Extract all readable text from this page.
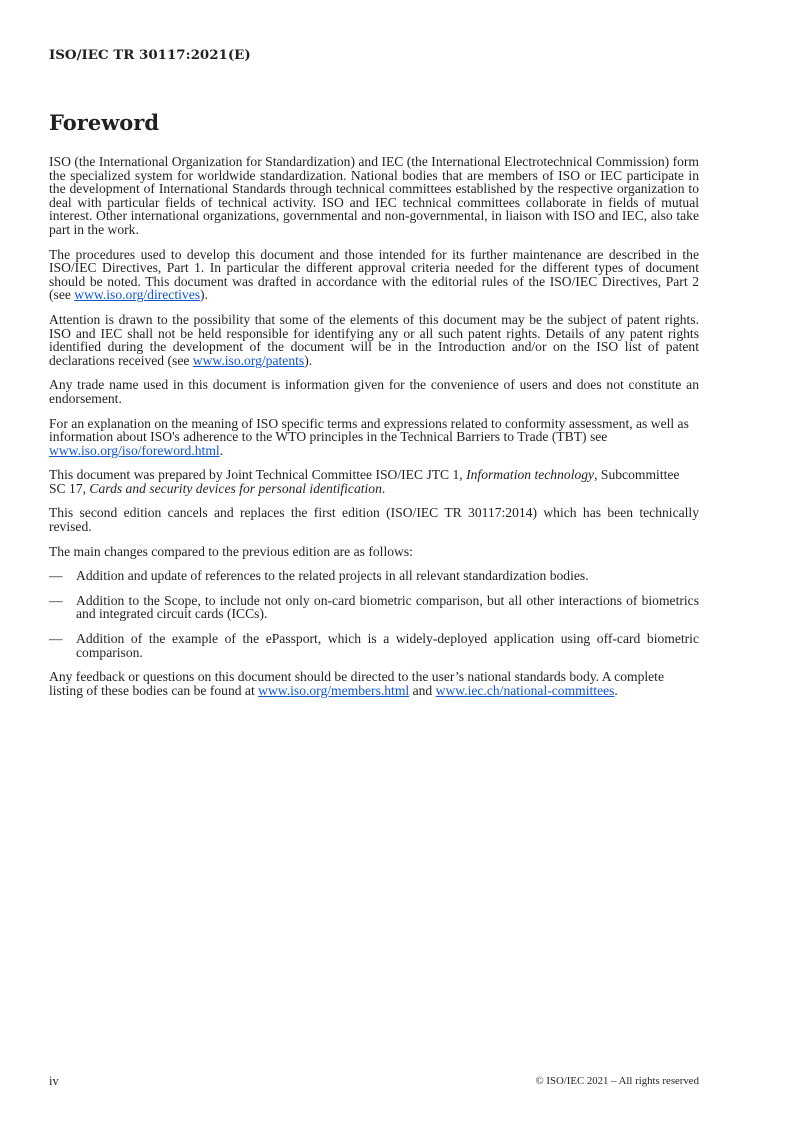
ISO/IEC TR 30117:2021(E)

Foreword

ISO (the International Organization for Standardization) and IEC (the International Electrotechnical Commission) form the specialized system for worldwide standardization. National bodies that are members of ISO or IEC participate in the development of International Standards through technical committees established by the respective organization to deal with particular fields of technical activity. ISO and IEC technical committees collaborate in fields of mutual interest. Other international organizations, governmental and non-governmental, in liaison with ISO and IEC, also take part in the work.

The procedures used to develop this document and those intended for its further maintenance are described in the ISO/IEC Directives, Part 1. In particular the different approval criteria needed for the different types of document should be noted. This document was drafted in accordance with the editorial rules of the ISO/IEC Directives, Part 2 (see www.iso.org/directives).

Attention is drawn to the possibility that some of the elements of this document may be the subject of patent rights. ISO and IEC shall not be held responsible for identifying any or all such patent rights. Details of any patent rights identified during the development of the document will be in the Introduction and/or on the ISO list of patent declarations received (see www.iso.org/patents).

Any trade name used in this document is information given for the convenience of users and does not constitute an endorsement.

For an explanation on the meaning of ISO specific terms and expressions related to conformity assessment, as well as information about ISO's adherence to the WTO principles in the Technical Barriers to Trade (TBT) see www.iso.org/iso/foreword.html.

This document was prepared by Joint Technical Committee ISO/IEC JTC 1, Information technology, Subcommittee SC 17, Cards and security devices for personal identification.

This second edition cancels and replaces the first edition (ISO/IEC TR 30117:2014) which has been technically revised.

The main changes compared to the previous edition are as follows:

— Addition and update of references to the related projects in all relevant standardization bodies.
— Addition to the Scope, to include not only on-card biometric comparison, but all other interactions of biometrics and integrated circuit cards (ICCs).
— Addition of the example of the ePassport, which is a widely-deployed application using off-card biometric comparison.

Any feedback or questions on this document should be directed to the user’s national standards body. A complete listing of these bodies can be found at www.iso.org/members.html and www.iec.ch/national-committees.

iv	© ISO/IEC 2021 – All rights reserved
